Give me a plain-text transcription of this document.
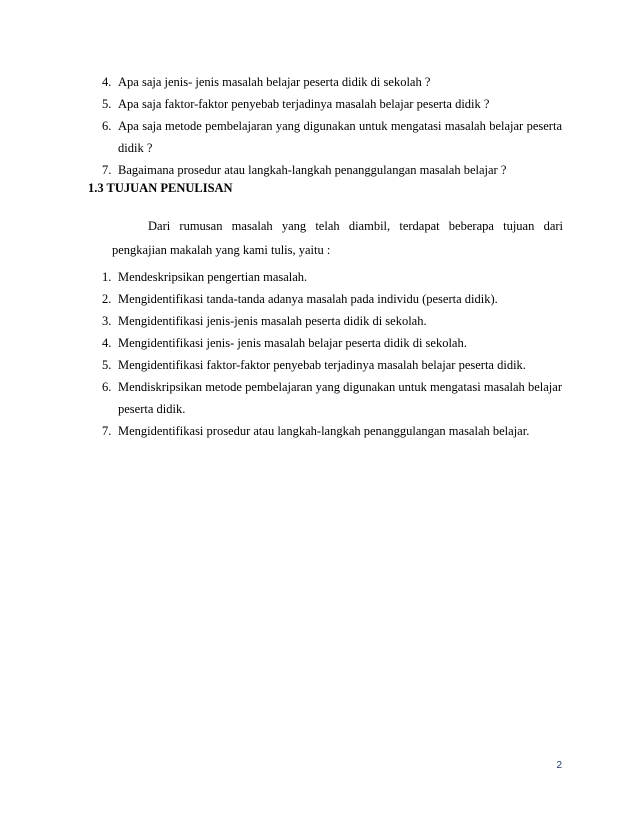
4. Apa saja jenis- jenis masalah belajar peserta didik di sekolah ?
5. Apa saja faktor-faktor penyebab terjadinya masalah belajar peserta didik ?
6. Apa saja metode pembelajaran yang digunakan untuk mengatasi masalah belajar peserta didik ?
7. Bagaimana prosedur atau langkah-langkah penanggulangan masalah belajar ?
1.3 TUJUAN PENULISAN
Dari rumusan masalah yang telah diambil, terdapat beberapa tujuan dari pengkajian makalah yang kami tulis, yaitu :
1. Mendeskripsikan pengertian masalah.
2. Mengidentifikasi tanda-tanda adanya masalah pada individu (peserta didik).
3. Mengidentifikasi jenis-jenis masalah peserta didik di sekolah.
4. Mengidentifikasi jenis- jenis masalah belajar peserta didik di sekolah.
5. Mengidentifikasi faktor-faktor penyebab terjadinya masalah belajar peserta didik.
6. Mendiskripsikan metode pembelajaran yang digunakan untuk mengatasi masalah belajar peserta didik.
7. Mengidentifikasi prosedur atau langkah-langkah penanggulangan masalah belajar.
2
